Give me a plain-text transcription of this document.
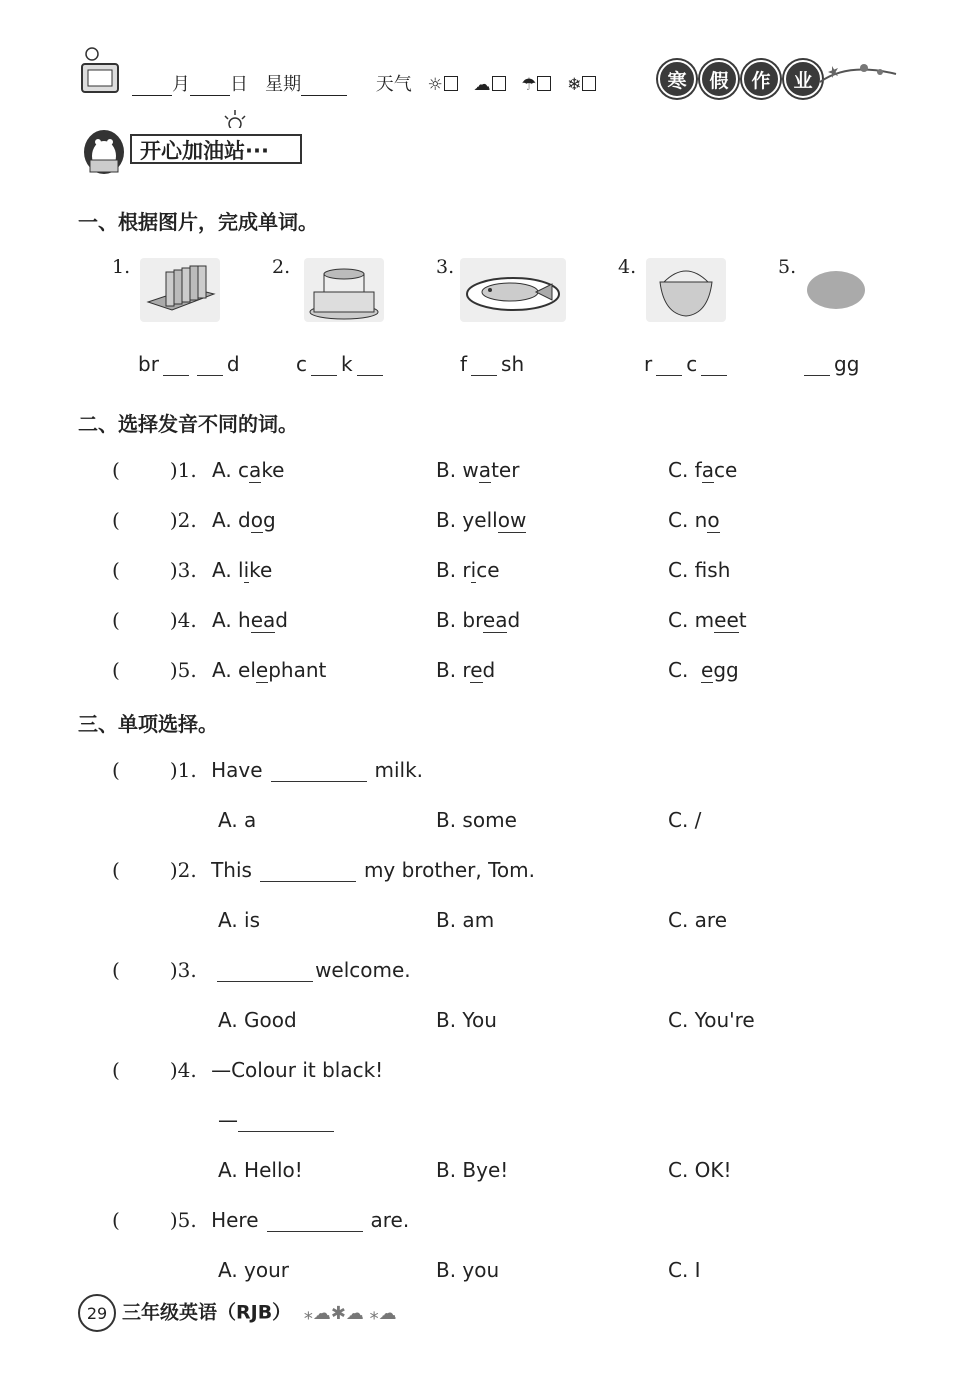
月 日 星期	天气 ☼ ☁ ☂ ❄	寒	假	作	业
开心加油站···
一、根据图片，完成单词。
1.	2.	3.	4.	5.
br	d	c k	f sh	r c	gg
二、选择发音不同的词。
(	)1. A. cake	B. water	C. face
(	)2. A. dog	B. yellow	C. no
(	)3. A. like	B. rice	C. fsh
(	)4. A. head	B. bread	C. meet
(	)5. A. elephant	B. red	C.  egg
三、单项选择。
(	)1. Have	milk.
A. a	B. some	C. /
(	)2. This	my brother, Tom.
A. is	B. am	C. are
(	)3.	welcome.
A. Good	B. You	C. You're
(	)4. —Colour it black!
—
A. Hello!	B. Bye!	C. OK!
(	)5. Here	are.
A. your	B. you	C. I
29 三年级英语（RJB） ⁎☁✱☁ ⁎☁
